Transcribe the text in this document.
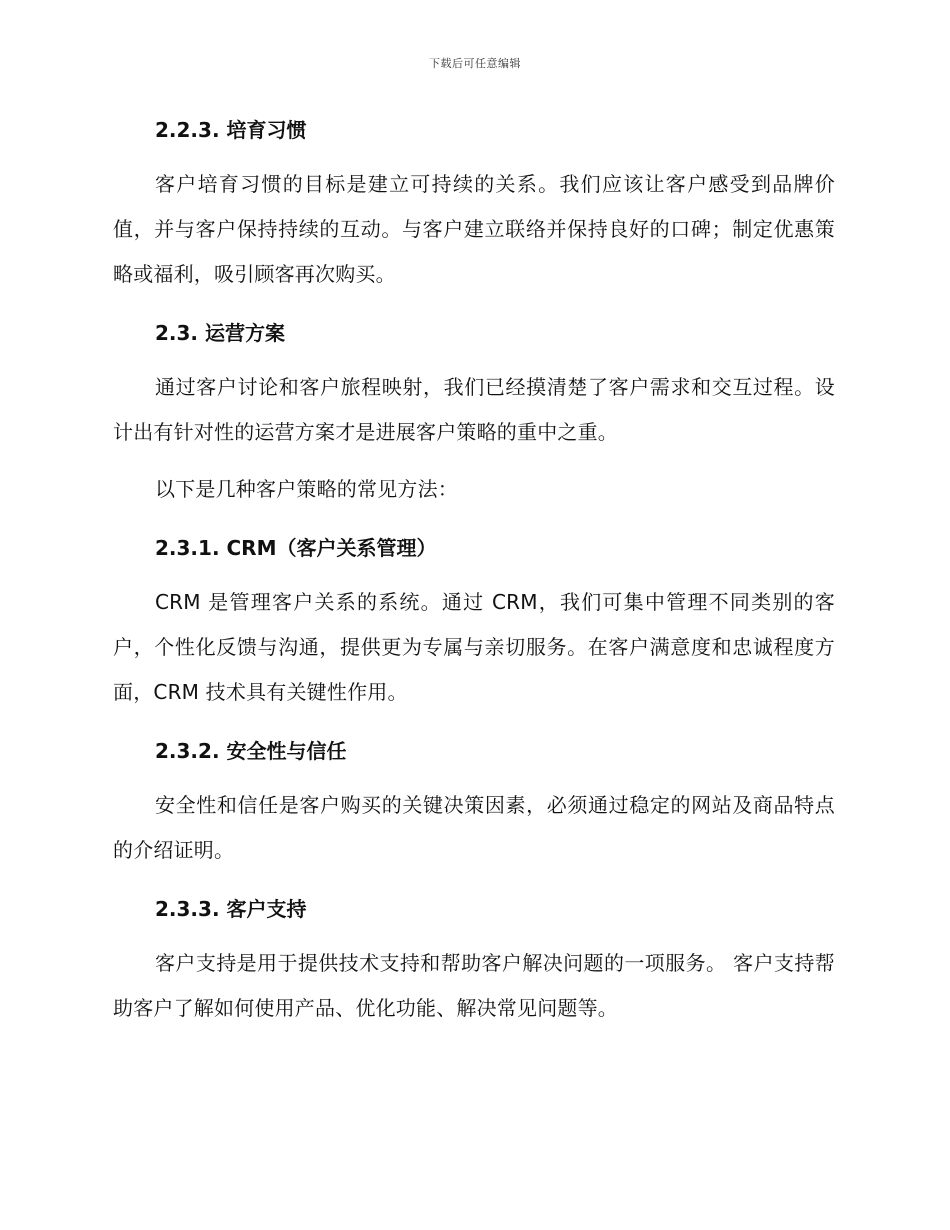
下载后可任意编辑
2.2.3. 培育习惯

客户培育习惯的目标是建立可持续的关系。我们应该让客户感受到品牌价值，并与客户保持持续的互动。与客户建立联络并保持良好的口碑；制定优惠策略或福利，吸引顾客再次购买。

2.3. 运营方案

通过客户讨论和客户旅程映射，我们已经摸清楚了客户需求和交互过程。设计出有针对性的运营方案才是进展客户策略的重中之重。

以下是几种客户策略的常见方法：

2.3.1. CRM（客户关系管理）

CRM 是管理客户关系的系统。通过 CRM，我们可集中管理不同类别的客户，个性化反馈与沟通，提供更为专属与亲切服务。在客户满意度和忠诚程度方面，CRM 技术具有关键性作用。

2.3.2. 安全性与信任

安全性和信任是客户购买的关键决策因素，必须通过稳定的网站及商品特点的介绍证明。

2.3.3. 客户支持

客户支持是用于提供技术支持和帮助客户解决问题的一项服务。 客户支持帮助客户了解如何使用产品、优化功能、解决常见问题等。
